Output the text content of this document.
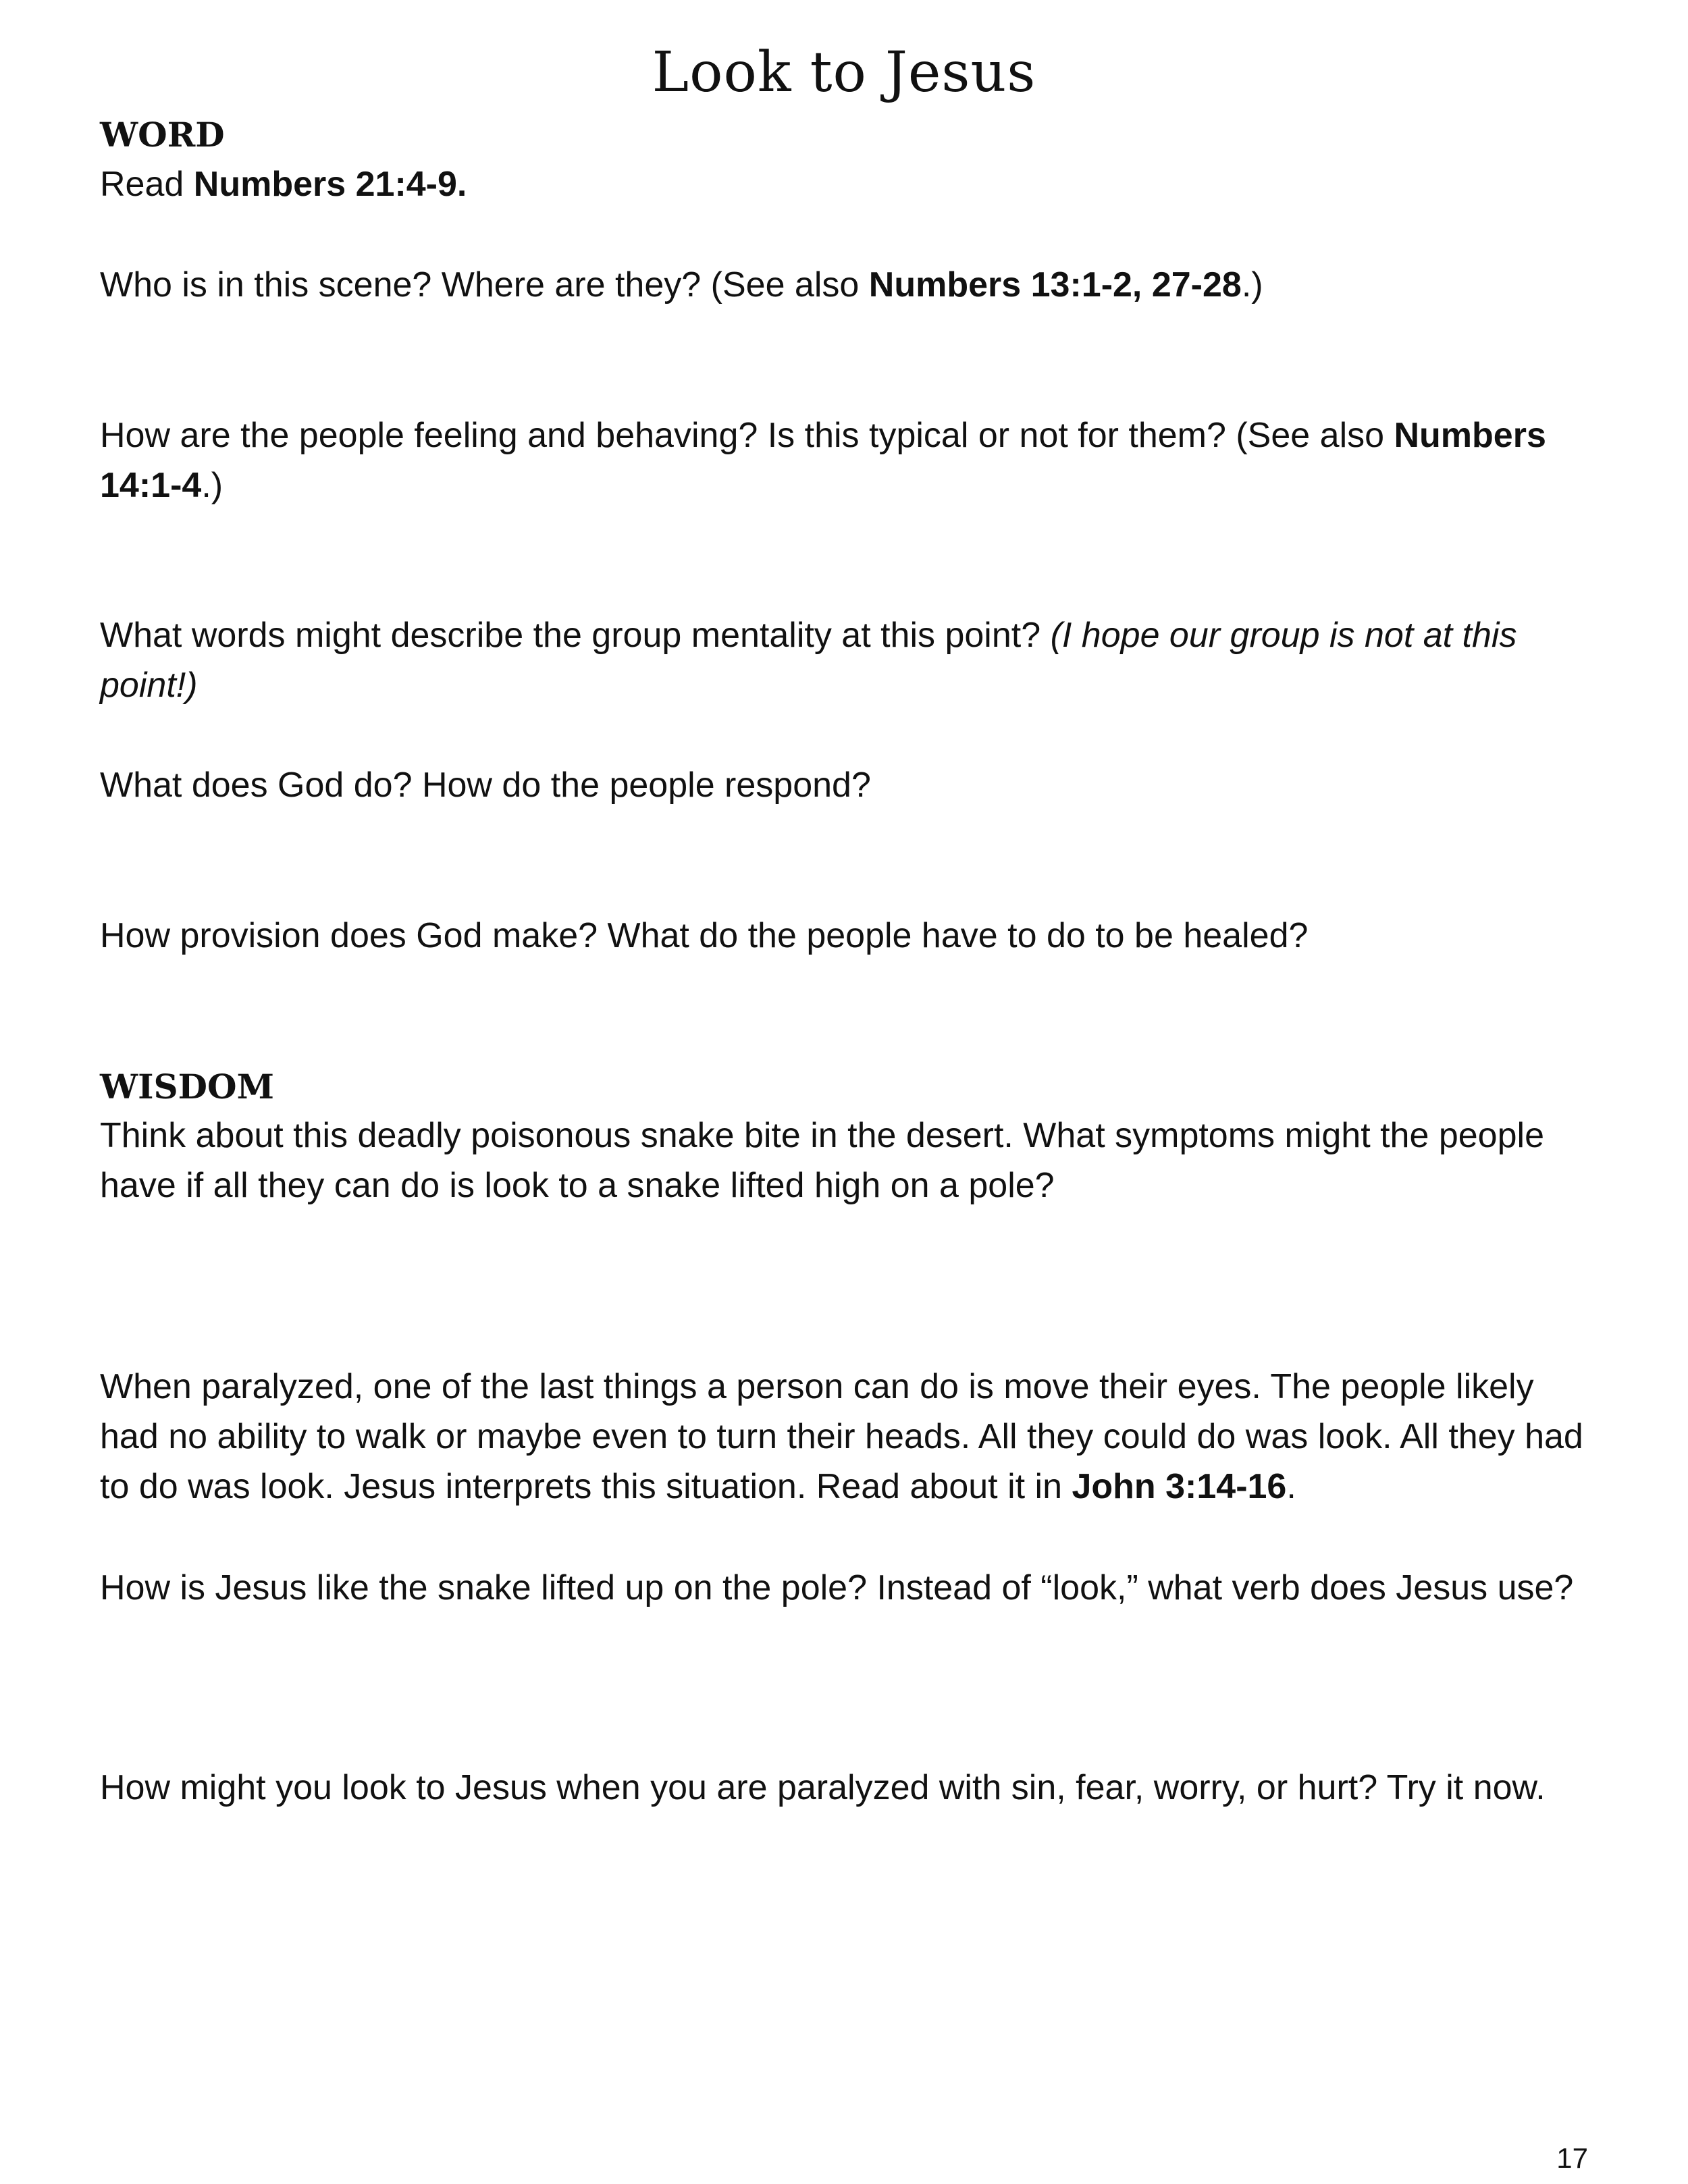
Look to Jesus
WORD

Read Numbers 21:4-9.

Who is in this scene? Where are they? (See also Numbers 13:1-2, 27-28.)

How are the people feeling and behaving? Is this typical or not for them? (See also Numbers 14:1-4.)

What words might describe the group mentality at this point? (I hope our group is not at this point!)

What does God do? How do the people respond?

How provision does God make? What do the people have to do to be healed?

WISDOM

Think about this deadly poisonous snake bite in the desert. What symptoms might the people have if all they can do is look to a snake lifted high on a pole?

When paralyzed, one of the last things a person can do is move their eyes. The people likely had no ability to walk or maybe even to turn their heads. All they could do was look. All they had to do was look. Jesus interprets this situation. Read about it in John 3:14-16.

How is Jesus like the snake lifted up on the pole? Instead of “look,” what verb does Jesus use?

How might you look to Jesus when you are paralyzed with sin, fear, worry, or hurt? Try it now.

17
